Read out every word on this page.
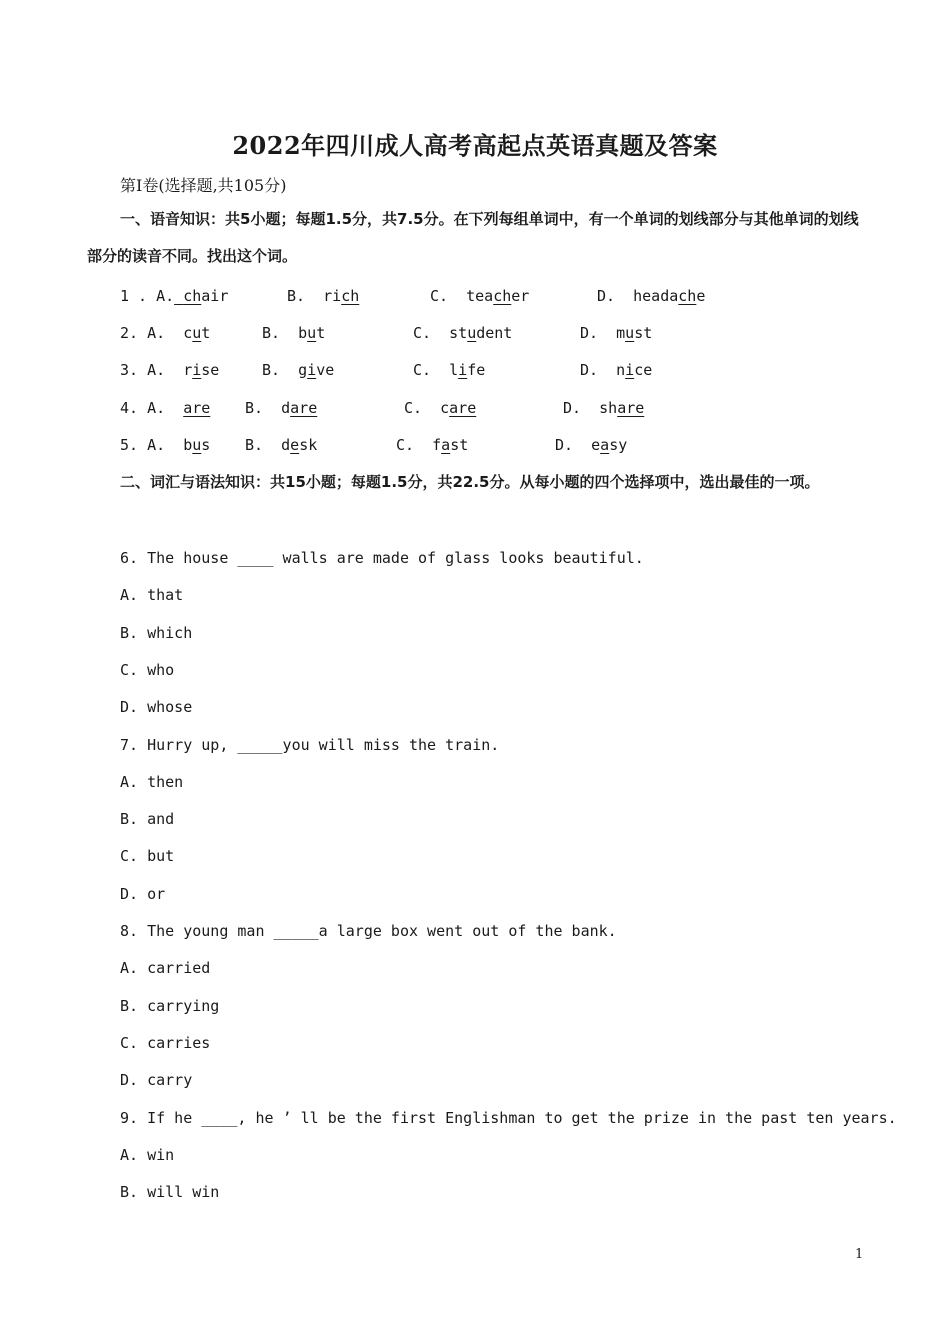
2022年四川成人高考高起点英语真题及答案
第I卷(选择题,共105分)
一、语音知识：共5小题；每题1.5分，共7.5分。在下列每组单词中，有一个单词的划线部分与其他单词的划线部分的读音不同。找出这个词。
1 . A._chair	B.  rich	C.  teacher	D.  headache
2. A.  cut	B.  but	C.  student	D.  must
3. A.  rise	B.  give	C.  life	D.  nice
4. A.  are B.  dare	C.  care	D.  share
5. A.  bus B.  desk	C.  fast	D.  easy
二、词汇与语法知识：共15小题；每题1.5分，共22.5分。从每小题的四个选择项中，选出最佳的一项。
6. The house ____ walls are made of glass looks beautiful.
A. that
B. which
C. who
D. whose
7. Hurry up, _____you will miss the train.
A. then
B. and
C. but
D. or
8. The young man _____a large box went out of the bank.
A. carried
B. carrying
C. carries
D. carry
9. If he ____, he ’ ll be the first Englishman to get the prize in the past ten years.
A. win
B. will win
1
